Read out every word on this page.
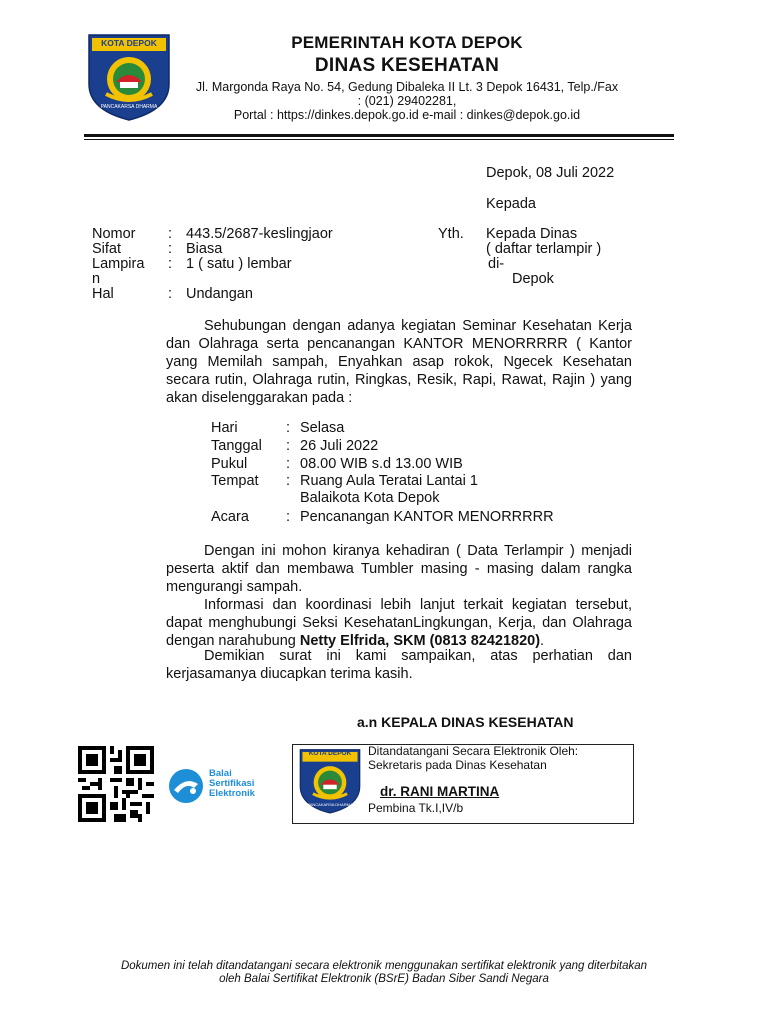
KOTA DEPOK
PANCAKARSA DHARMA
PEMERINTAH KOTA DEPOK
DINAS KESEHATAN
Jl. Margonda Raya No. 54, Gedung Dibaleka II Lt. 3 Depok 16431, Telp./Fax
: (021) 29402281,
Portal : https://dinkes.depok.go.id e-mail : dinkes@depok.go.id
Depok, 08 Juli 2022
Kepada
Nomor : 443.5/2687-keslingjaor
Sifat	: Biasa
Lampira : 1 ( satu ) lembar
n
Hal	: Undangan
Yth. Kepada Dinas
( daftar terlampir )
di-
Depok
Sehubungan dengan adanya kegiatan Seminar Kesehatan Kerja dan Olahraga serta pencanangan KANTOR MENORRRRR ( Kantor yang Memilah sampah, Enyahkan asap rokok, Ngecek Kesehatan secara rutin, Olahraga rutin, Ringkas, Resik, Rapi, Rawat, Rajin ) yang akan diselenggarakan pada :
Hari	: Selasa
Tanggal : 26 Juli 2022
Pukul	: 08.00 WIB s.d 13.00 WIB
Tempat : Ruang Aula Teratai Lantai 1
Balaikota Kota Depok
Acara	: Pencanangan KANTOR MENORRRRR
Dengan ini mohon kiranya kehadiran ( Data Terlampir ) menjadi peserta aktif dan membawa Tumbler masing - masing dalam rangka mengurangi sampah.
Informasi dan koordinasi lebih lanjut terkait kegiatan tersebut, dapat menghubungi Seksi KesehatanLingkungan, Kerja, dan Olahraga dengan narahubung Netty Elfrida, SKM (0813 82421820).
Demikian surat ini kami sampaikan, atas perhatian dan kerjasamanya diucapkan terima kasih.
a.n KEPALA DINAS KESEHATAN
Balai
Sertifikasi
Elektronik
KOTA DEPOK
PANCAKARSA DHARMA
Ditandatangani Secara Elektronik Oleh:
Sekretaris pada Dinas Kesehatan
dr. RANI MARTINA
Pembina Tk.I,IV/b
Dokumen ini telah ditandatangani secara elektronik menggunakan sertifikat elektronik yang diterbitakan
oleh Balai Sertifikat Elektronik (BSrE) Badan Siber Sandi Negara
